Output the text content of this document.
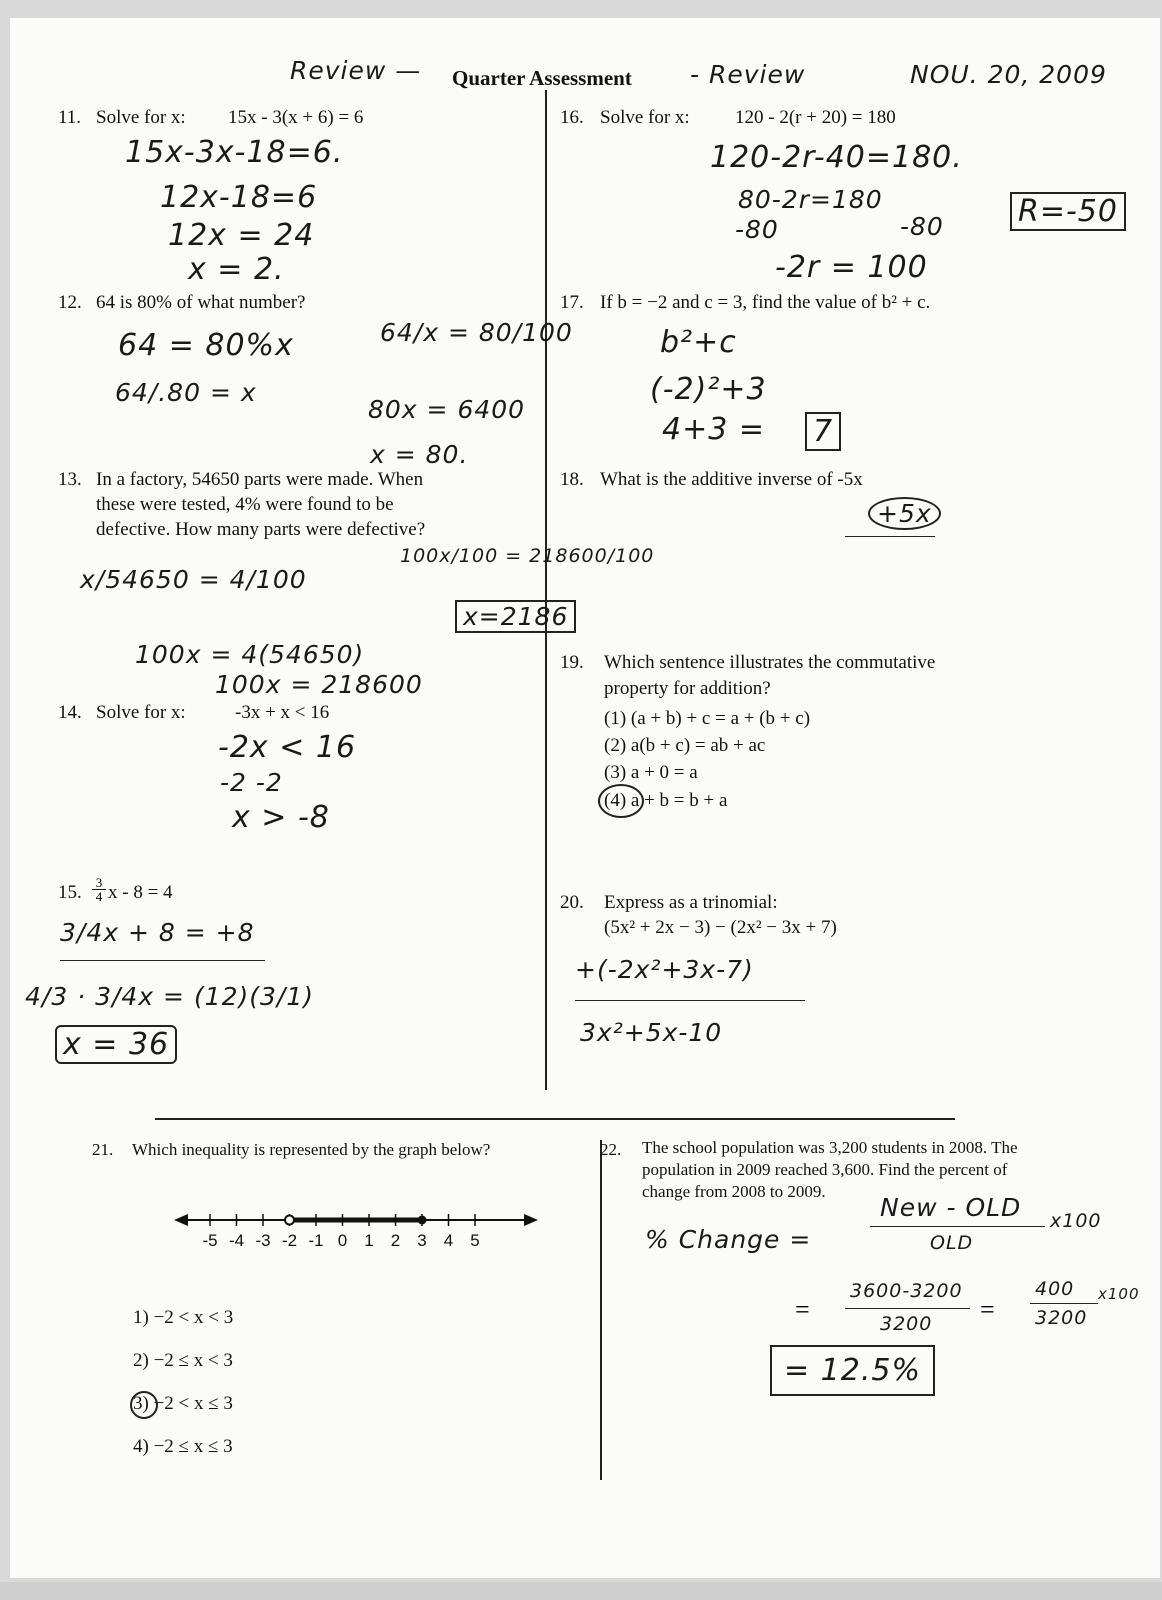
Review — Quarter Assessment - Review	NOU. 20, 2009
11. Solve for x: 15x - 3(x + 6) = 6
15x-3x-18=6.
12x-18=6
12x = 24
x = 2.
12. 64 is 80% of what number?
64 = 80%x
64/.80 = x
64/x = 80/100
80x = 6400
x = 80.
13. In a factory, 54650 parts were made. When
these were tested, 4% were found to be
defective. How many parts were defective?
x/54650 = 4/100
100x = 4(54650)
100x = 218600
100x/100 = 218600/100
x=2186
14. Solve for x:	-3x + x < 16
-2x < 16
-2 -2
x > -8
15. $\frac{3}{4}$ x - 8 = 4
3/4x + 8 = +8
4/3 · 3/4x = (12)(3/1)
x = 36
16. Solve for x: 120 - 2(r + 20) = 180
120-2r-40=180.
80-2r=180
-80	-80
-2r = 100
R=-50
17. If b = −2 and c = 3, find the value of b² + c.
b²+c
(-2)²+3
4+3 = 7
18. What is the additive inverse of -5x
+5x
19. Which sentence illustrates the commutative
property for addition?
(1) (a + b) + c = a + (b + c)
(2) a(b + c) = ab + ac
(3) a + 0 = a
(4) a + b = b + a
20. Express as a trinomial:
(5x² + 2x − 3) − (2x² − 3x + 7)
+(-2x²+3x-7)
3x²+5x-10
21. Which inequality is represented by the graph below?
-5 -4 -3 -2 -1 0 1 2 3 4 5
1) −2 < x < 3
2) −2 ≤ x < 3
3) −2 < x ≤ 3
4) −2 ≤ x ≤ 3
22. The school population was 3,200 students in 2008. The
population in 2009 reached 3,600. Find the percent of
change from 2008 to 2009.
% Change =
New - OLD
OLD
x100
=
3600-3200
3200 =
400
3200
x100
= 12.5%
